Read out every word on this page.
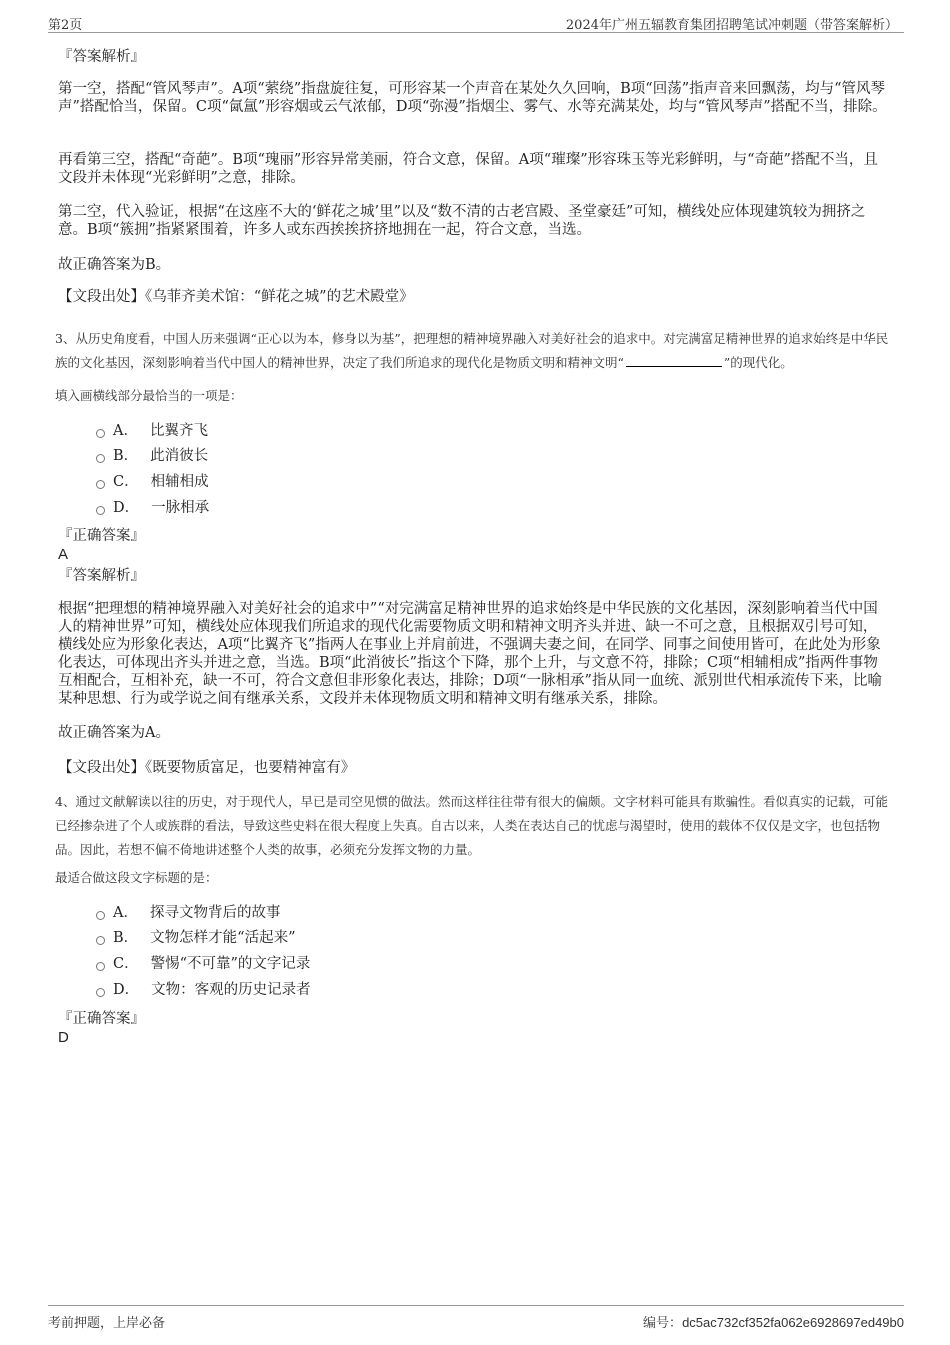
第2页	2024年广州五辐教育集团招聘笔试冲刺题（带答案解析）
『答案解析』

第一空，搭配“管风琴声”。A项“萦绕”指盘旋往复，可形容某一个声音在某处久久回响，B项“回荡”指声音来回飘荡，均与“管风琴声”搭配恰当，保留。C项“氤氲”形容烟或云气浓郁，D项“弥漫”指烟尘、雾气、水等充满某处，均与“管风琴声”搭配不当，排除。

再看第三空，搭配“奇葩”。B项“瑰丽”形容异常美丽，符合文意，保留。A项“璀璨”形容珠玉等光彩鲜明，与“奇葩”搭配不当，且文段并未体现“光彩鲜明”之意，排除。

第二空，代入验证，根据“在这座不大的‘鲜花之城’里”以及“数不清的古老宫殿、圣堂豪廷”可知，横线处应体现建筑较为拥挤之意。B项“簇拥”指紧紧围着，许多人或东西挨挨挤挤地拥在一起，符合文意，当选。

故正确答案为B。
【文段出处】《乌菲齐美术馆：“鲜花之城”的艺术殿堂》

3、从历史角度看，中国人历来强调“正心以为本，修身以为基”，把理想的精神境界融入对美好社会的追求中。对完满富足精神世界的追求始终是中华民族的文化基因，深刻影响着当代中国人的精神世界，决定了我们所追求的现代化是物质文明和精神文明“	”的现代化。

填入画横线部分最恰当的一项是：
A． 比翼齐飞
B． 此消彼长
C． 相辅相成
D． 一脉相承
『正确答案』
A
『答案解析』

根据“把理想的精神境界融入对美好社会的追求中”“对完满富足精神世界的追求始终是中华民族的文化基因，深刻影响着当代中国人的精神世界”可知，横线处应体现我们所追求的现代化需要物质文明和精神文明齐头并进、缺一不可之意，且根据双引号可知，横线处应为形象化表达，A项“比翼齐飞”指两人在事业上并肩前进，不强调夫妻之间，在同学、同事之间使用皆可，在此处为形象化表达，可体现出齐头并进之意，当选。B项“此消彼长”指这个下降，那个上升，与文意不符，排除；C项“相辅相成”指两件事物互相配合，互相补充，缺一不可，符合文意但非形象化表达，排除；D项“一脉相承”指从同一血统、派别世代相承流传下来，比喻某种思想、行为或学说之间有继承关系，文段并未体现物质文明和精神文明有继承关系，排除。

故正确答案为A。
【文段出处】《既要物质富足，也要精神富有》

4、通过文献解读以往的历史，对于现代人，早已是司空见惯的做法。然而这样往往带有很大的偏颇。文字材料可能具有欺骗性。看似真实的记载，可能已经掺杂进了个人或族群的看法，导致这些史料在很大程度上失真。自古以来，人类在表达自己的忧虑与渴望时，使用的载体不仅仅是文字，也包括物品。因此，若想不偏不倚地讲述整个人类的故事，必须充分发挥文物的力量。

最适合做这段文字标题的是：
A． 探寻文物背后的故事
B． 文物怎样才能“活起来”
C． 警惕“不可靠”的文字记录
D． 文物：客观的历史记录者
『正确答案』
D
考前押题，上岸必备	编号：dc5ac732cf352fa062e6928697ed49b0
